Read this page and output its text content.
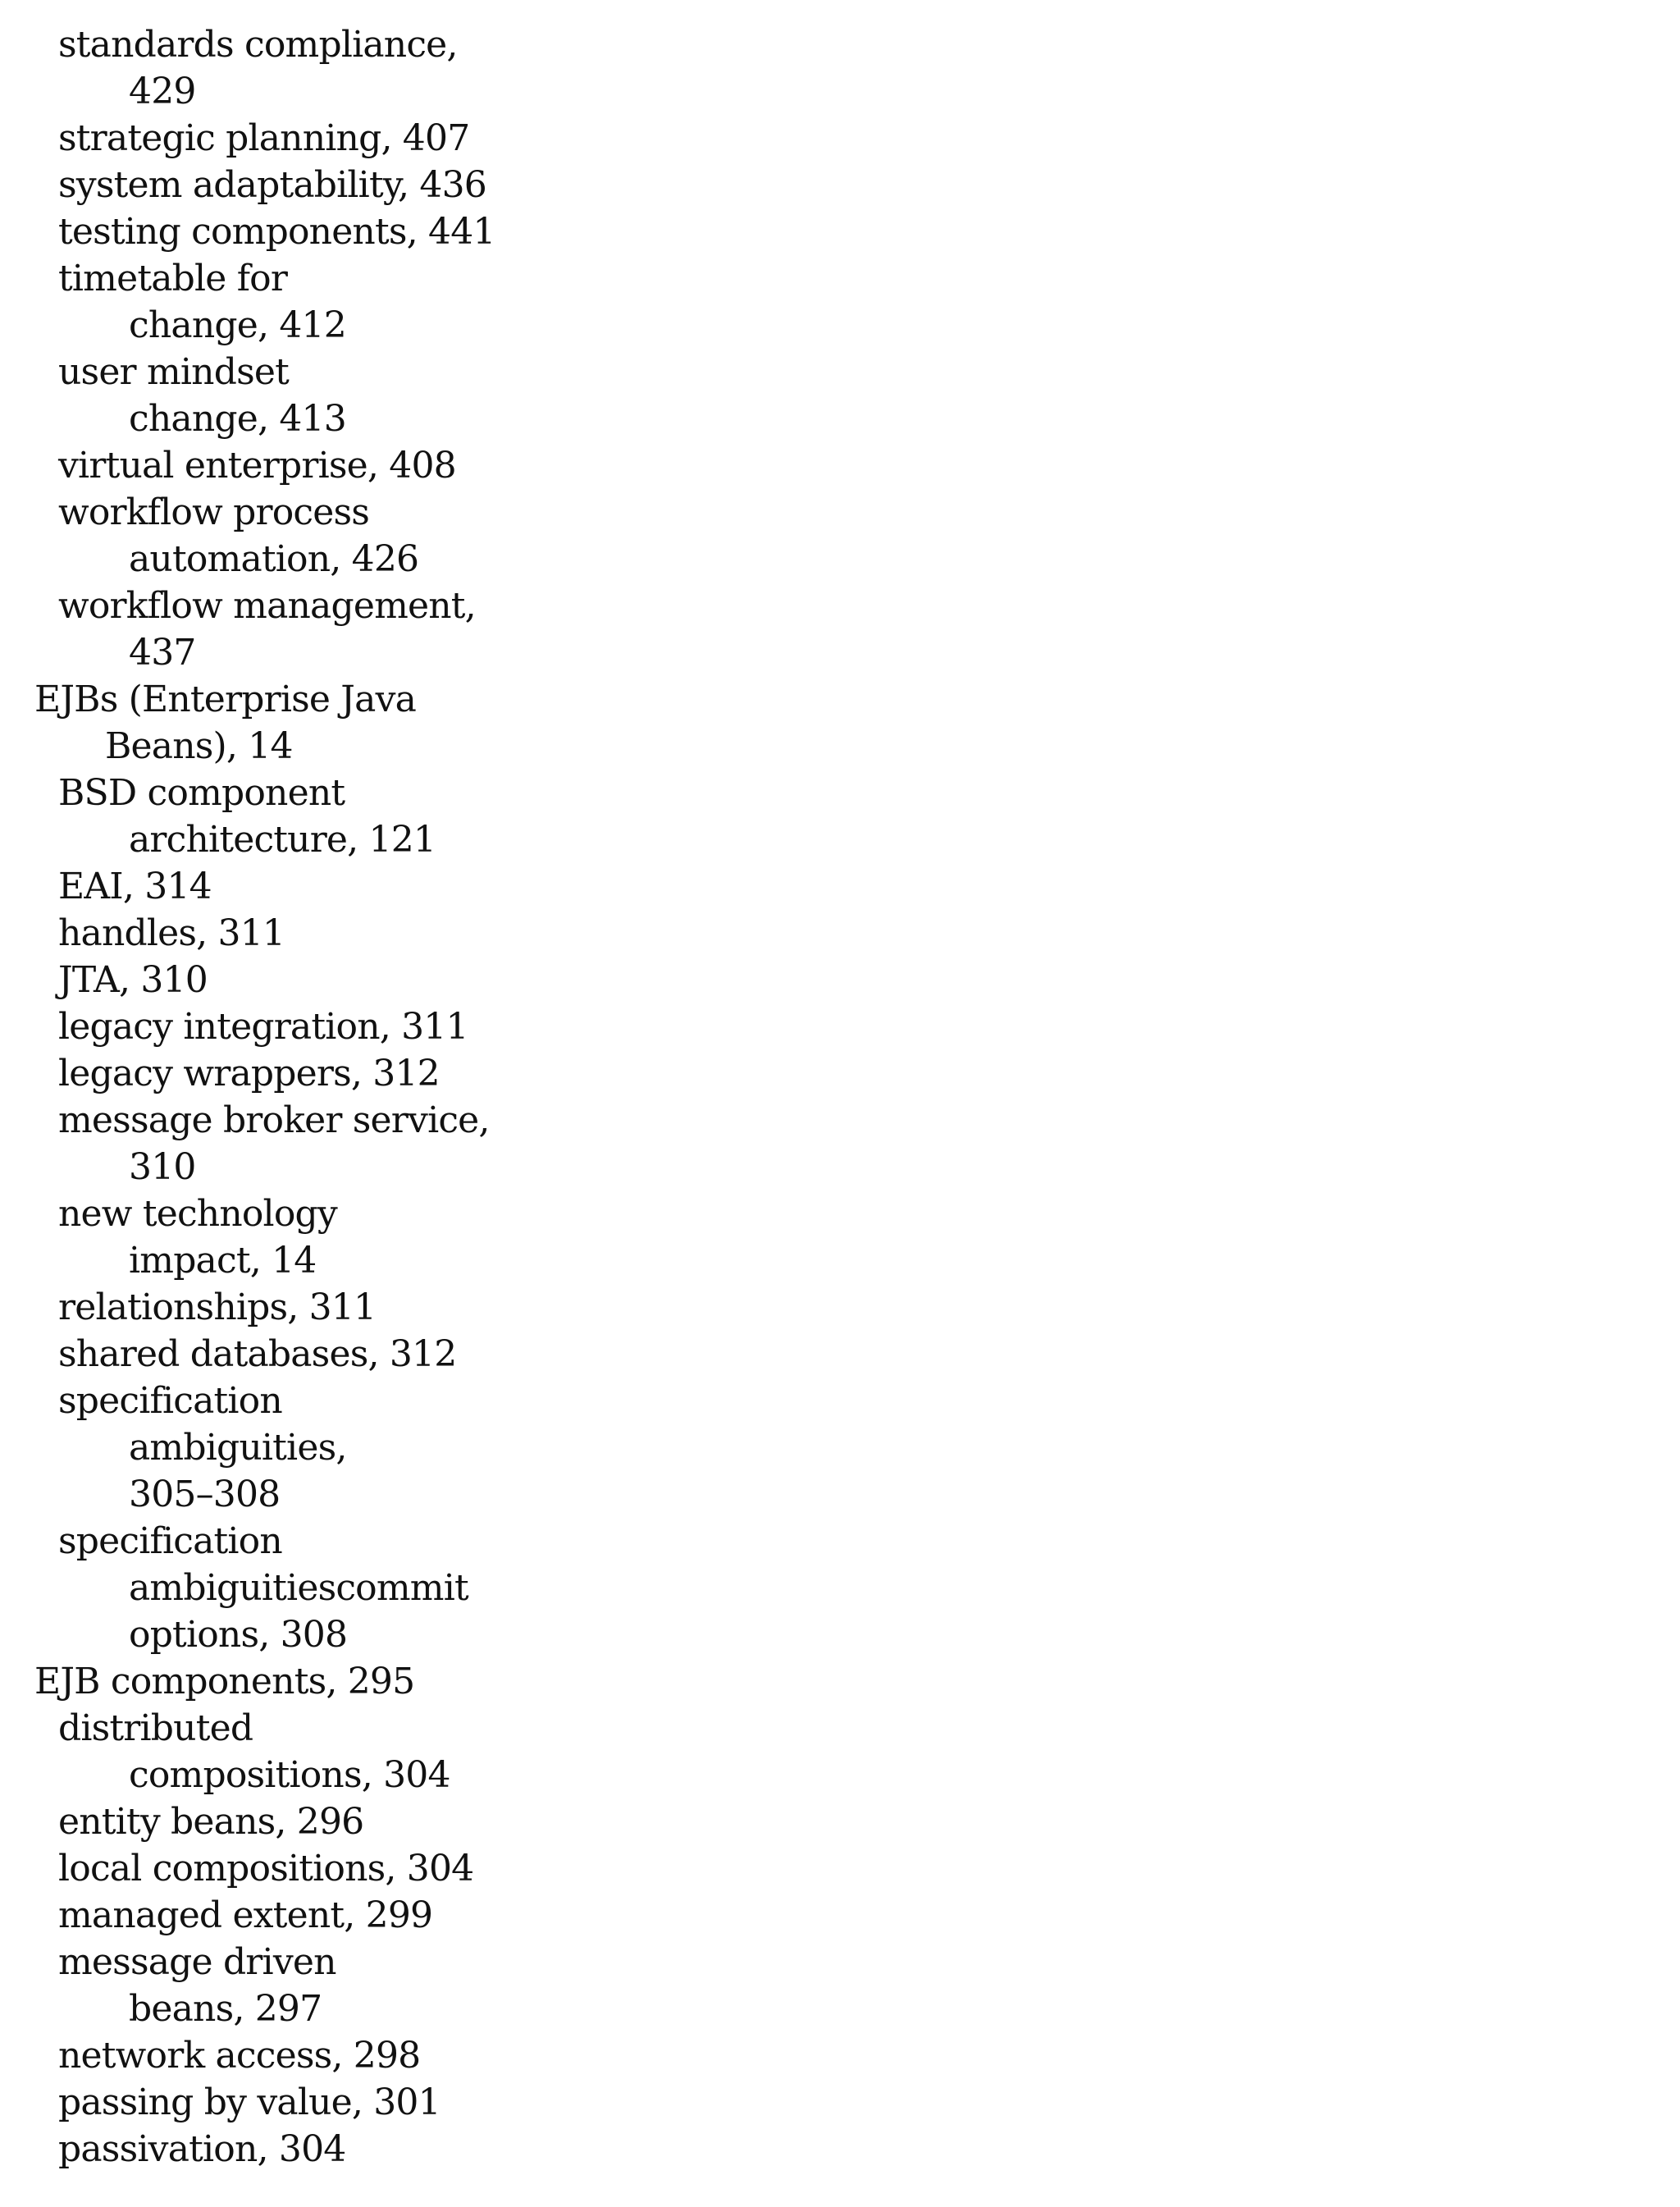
standards compliance,

429

strategic planning, 407

system adaptability, 436

testing components, 441

timetable for

change, 412

user mindset

change, 413

virtual enterprise, 408

workflow process

automation, 426

workflow management,

437

EJBs (Enterprise Java

Beans), 14

BSD component

architecture, 121

EAI, 314

handles, 311

JTA, 310

legacy integration, 311

legacy wrappers, 312

message broker service,

310

new technology

impact, 14

relationships, 311

shared databases, 312

specification

ambiguities,

305–308

specification

ambiguitiescommit

options, 308

EJB components, 295

distributed

compositions, 304

entity beans, 296

local compositions, 304

managed extent, 299

message driven

beans, 297

network access, 298

passing by value, 301

passivation, 304
